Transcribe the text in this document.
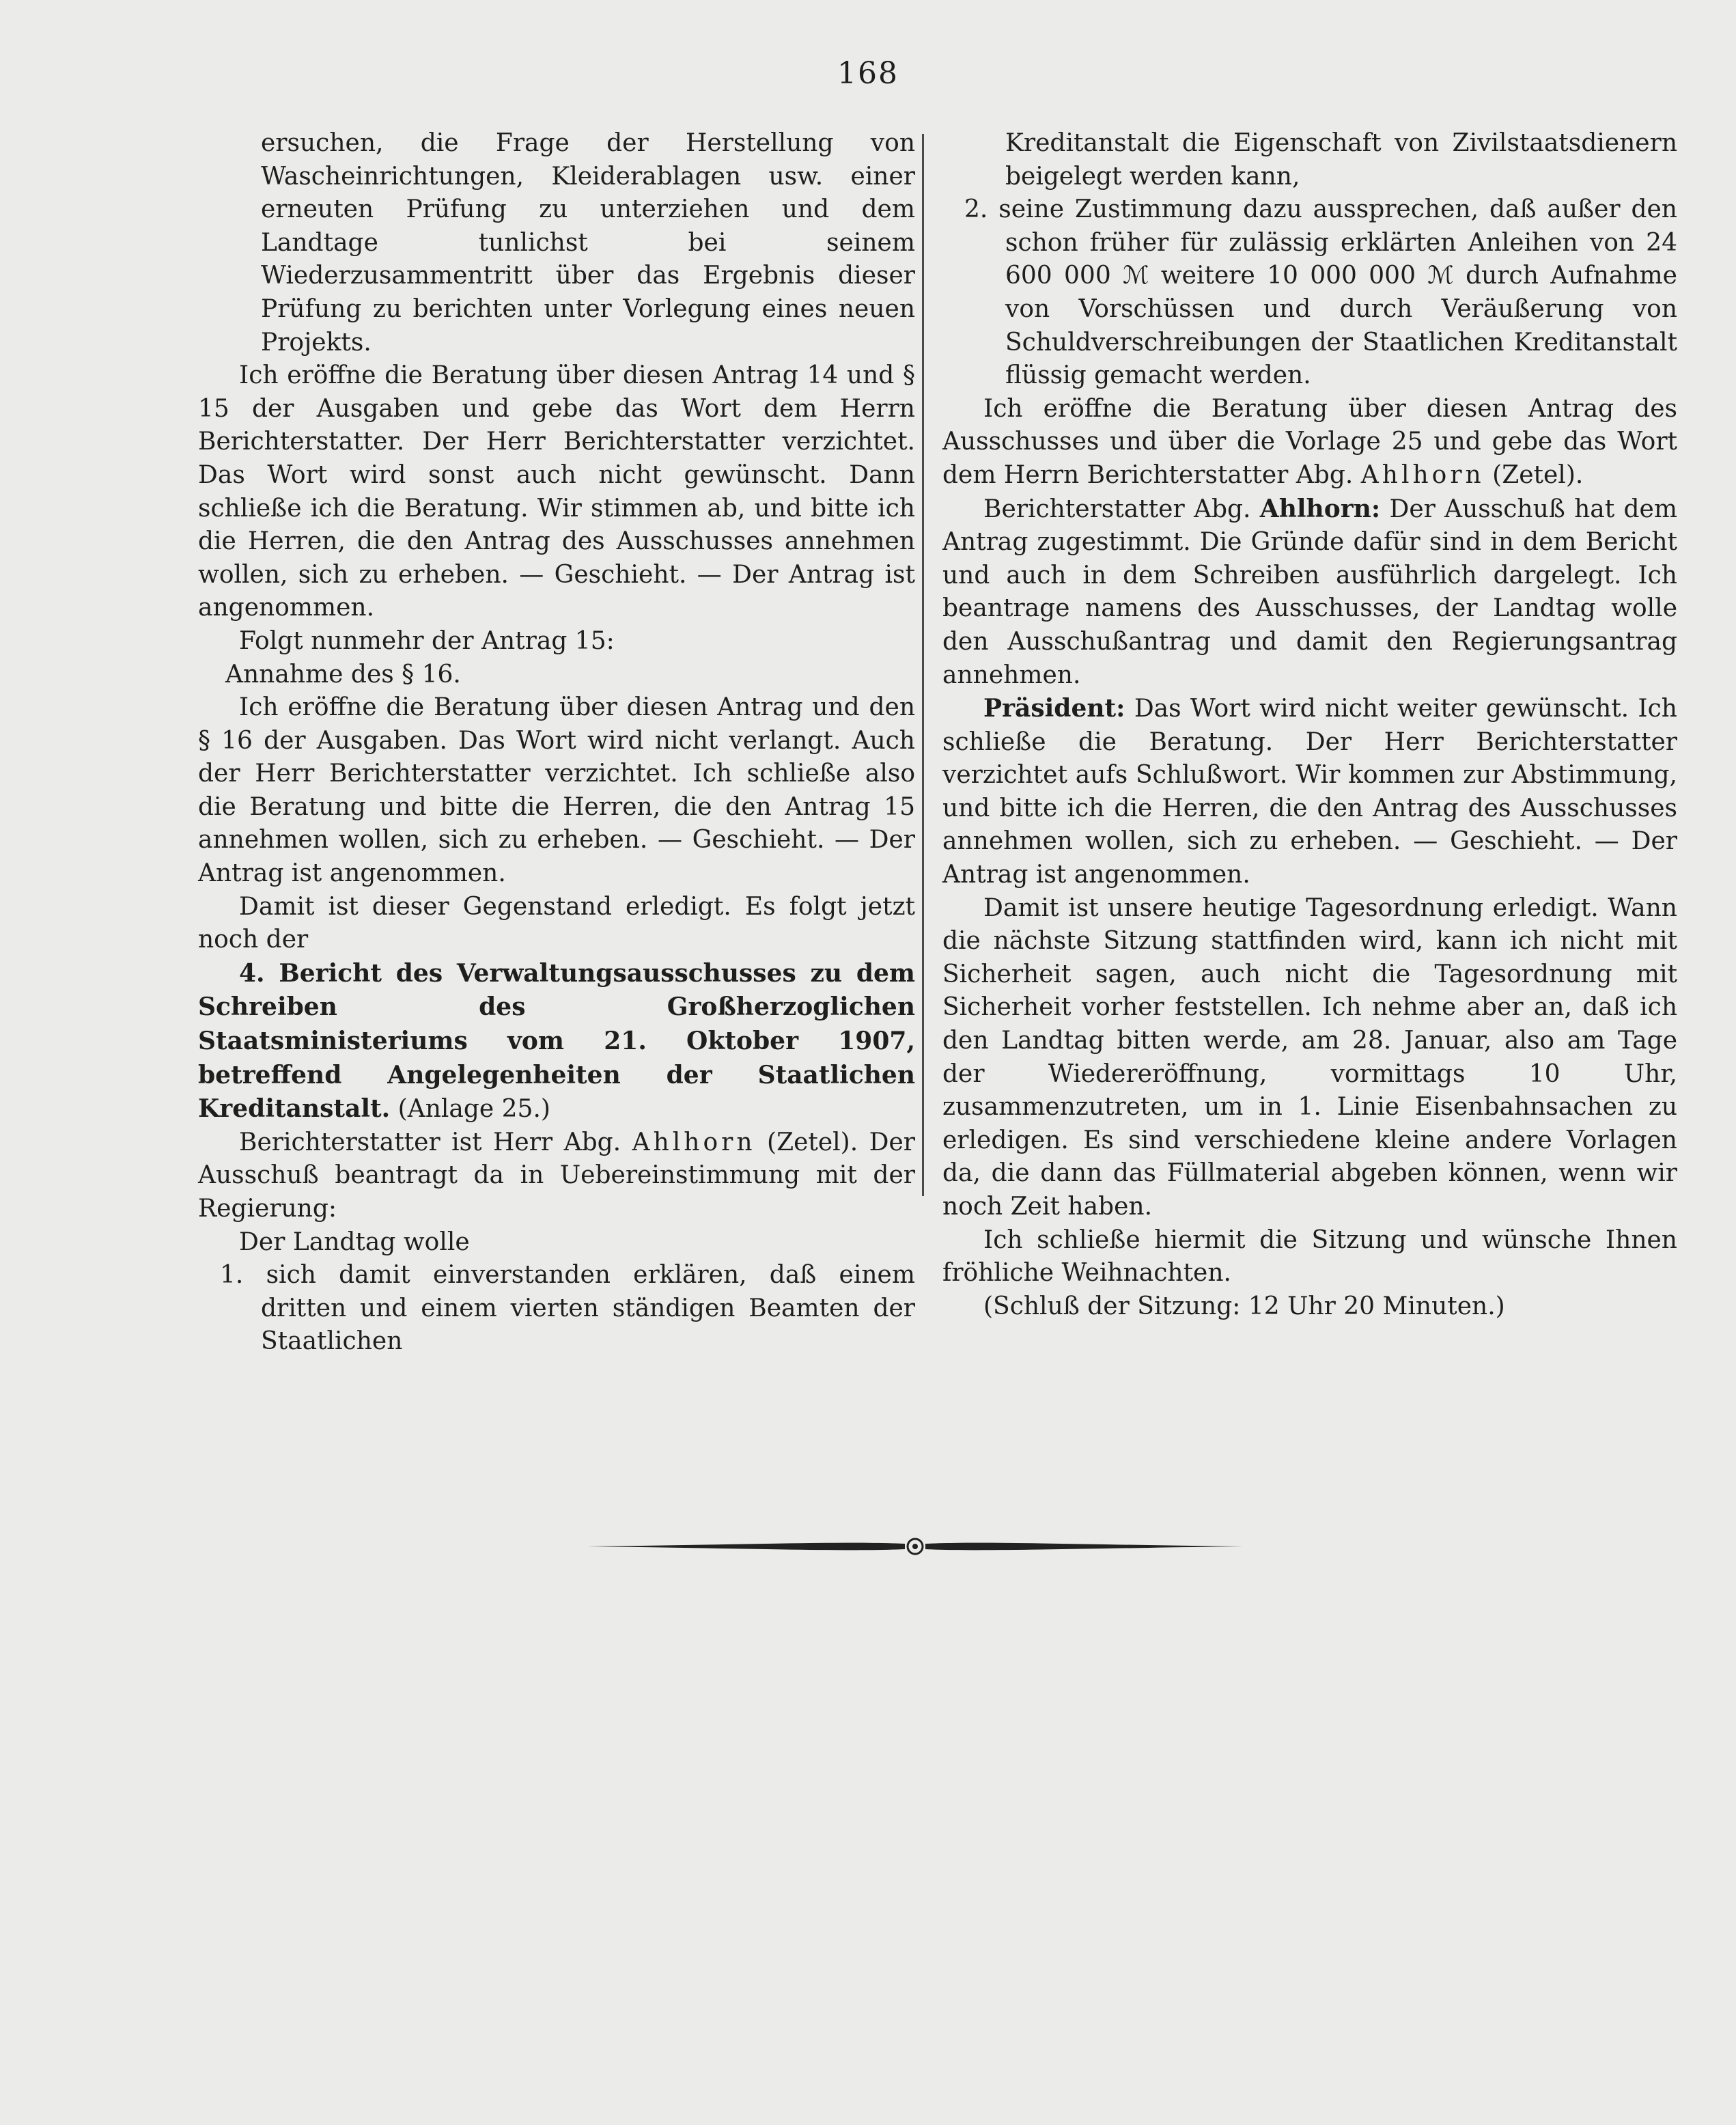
168

ersuchen, die Frage der Herstellung von Wascheinrichtungen, Kleiderablagen usw. einer erneuten Prüfung zu unterziehen und dem Landtage tunlichst bei seinem Wiederzusammentritt über das Ergebnis dieser Prüfung zu berichten unter Vorlegung eines neuen Projekts.

Ich eröffne die Beratung über diesen Antrag 14 und § 15 der Ausgaben und gebe das Wort dem Herrn Berichterstatter. Der Herr Berichterstatter verzichtet. Das Wort wird sonst auch nicht gewünscht. Dann schließe ich die Beratung. Wir stimmen ab, und bitte ich die Herren, die den Antrag des Ausschusses annehmen wollen, sich zu erheben. — Geschieht. — Der Antrag ist angenommen.

Folgt nunmehr der Antrag 15:

Annahme des § 16.

Ich eröffne die Beratung über diesen Antrag und den § 16 der Ausgaben. Das Wort wird nicht verlangt. Auch der Herr Berichterstatter verzichtet. Ich schließe also die Beratung und bitte die Herren, die den Antrag 15 annehmen wollen, sich zu erheben. — Geschieht. — Der Antrag ist angenommen.

Damit ist dieser Gegenstand erledigt. Es folgt jetzt noch der

4. Bericht des Verwaltungsausschusses zu dem Schreiben des Großherzoglichen Staatsministeriums vom 21. Oktober 1907, betreffend Angelegenheiten der Staatlichen Kreditanstalt. (Anlage 25.)

Berichterstatter ist Herr Abg. Ahlhorn (Zetel). Der Ausschuß beantragt da in Uebereinstimmung mit der Regierung:

Der Landtag wolle

1. sich damit einverstanden erklären, daß einem dritten und einem vierten ständigen Beamten der Staatlichen

Kreditanstalt die Eigenschaft von Zivilstaatsdienern beigelegt werden kann,

2. seine Zustimmung dazu aussprechen, daß außer den schon früher für zulässig erklärten Anleihen von 24 600 000 ℳ weitere 10 000 000 ℳ durch Aufnahme von Vorschüssen und durch Veräußerung von Schuldverschreibungen der Staatlichen Kreditanstalt flüssig gemacht werden.

Ich eröffne die Beratung über diesen Antrag des Ausschusses und über die Vorlage 25 und gebe das Wort dem Herrn Berichterstatter Abg. Ahlhorn (Zetel).

Berichterstatter Abg. Ahlhorn: Der Ausschuß hat dem Antrag zugestimmt. Die Gründe dafür sind in dem Bericht und auch in dem Schreiben ausführlich dargelegt. Ich beantrage namens des Ausschusses, der Landtag wolle den Ausschußantrag und damit den Regierungsantrag annehmen.

Präsident: Das Wort wird nicht weiter gewünscht. Ich schließe die Beratung. Der Herr Berichterstatter verzichtet aufs Schlußwort. Wir kommen zur Abstimmung, und bitte ich die Herren, die den Antrag des Ausschusses annehmen wollen, sich zu erheben. — Geschieht. — Der Antrag ist angenommen.

Damit ist unsere heutige Tagesordnung erledigt. Wann die nächste Sitzung stattfinden wird, kann ich nicht mit Sicherheit sagen, auch nicht die Tagesordnung mit Sicherheit vorher feststellen. Ich nehme aber an, daß ich den Landtag bitten werde, am 28. Januar, also am Tage der Wiedereröffnung, vormittags 10 Uhr, zusammenzutreten, um in 1. Linie Eisenbahnsachen zu erledigen. Es sind verschiedene kleine andere Vorlagen da, die dann das Füllmaterial abgeben können, wenn wir noch Zeit haben.

Ich schließe hiermit die Sitzung und wünsche Ihnen fröhliche Weihnachten.

(Schluß der Sitzung: 12 Uhr 20 Minuten.)
